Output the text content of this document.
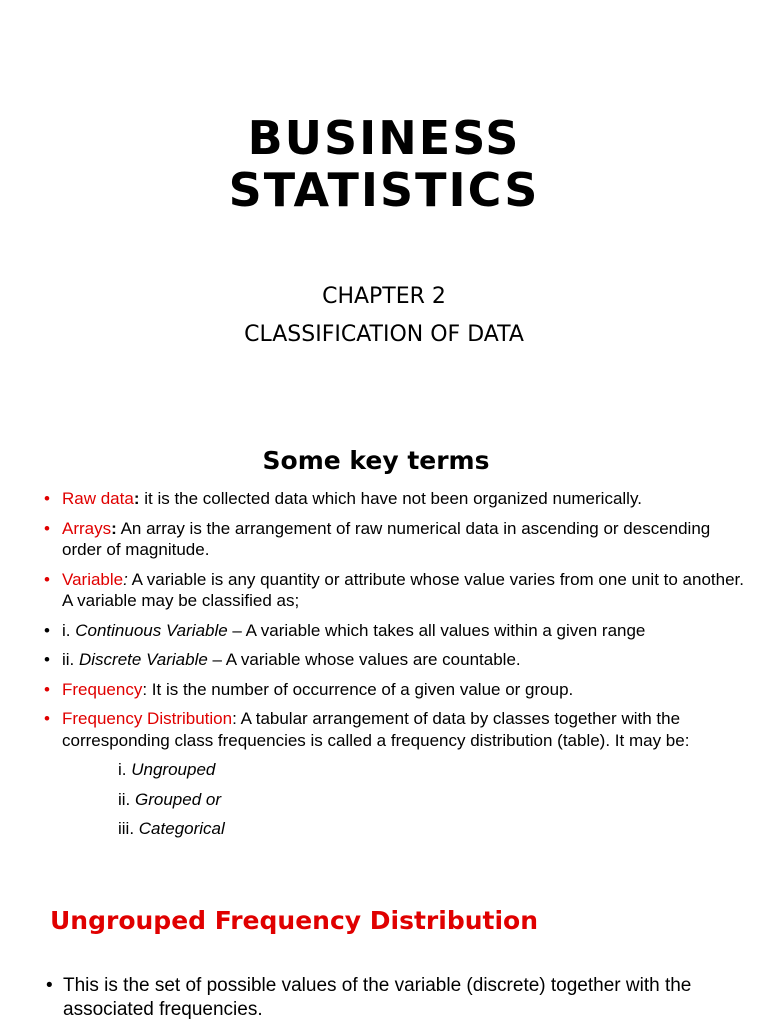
BUSINESS
STATISTICS
CHAPTER 2
CLASSIFICATION OF DATA
Some key terms
• Raw data: it is the collected data which have not been organized numerically.
• Arrays: An array is the arrangement of raw numerical data in ascending or descending order of magnitude.
• Variable: A variable is any quantity or attribute whose value varies from one unit to another. A variable may be classified as;
• i. Continuous Variable – A variable which takes all values within a given range
• ii. Discrete Variable – A variable whose values are countable.
• Frequency: It is the number of occurrence of a given value or group.
• Frequency Distribution: A tabular arrangement of data by classes together with the corresponding class frequencies is called a frequency distribution (table). It may be:
i. Ungrouped
ii. Grouped or
iii. Categorical
Ungrouped Frequency Distribution
• This is the set of possible values of the variable (discrete) together with the associated frequencies.
